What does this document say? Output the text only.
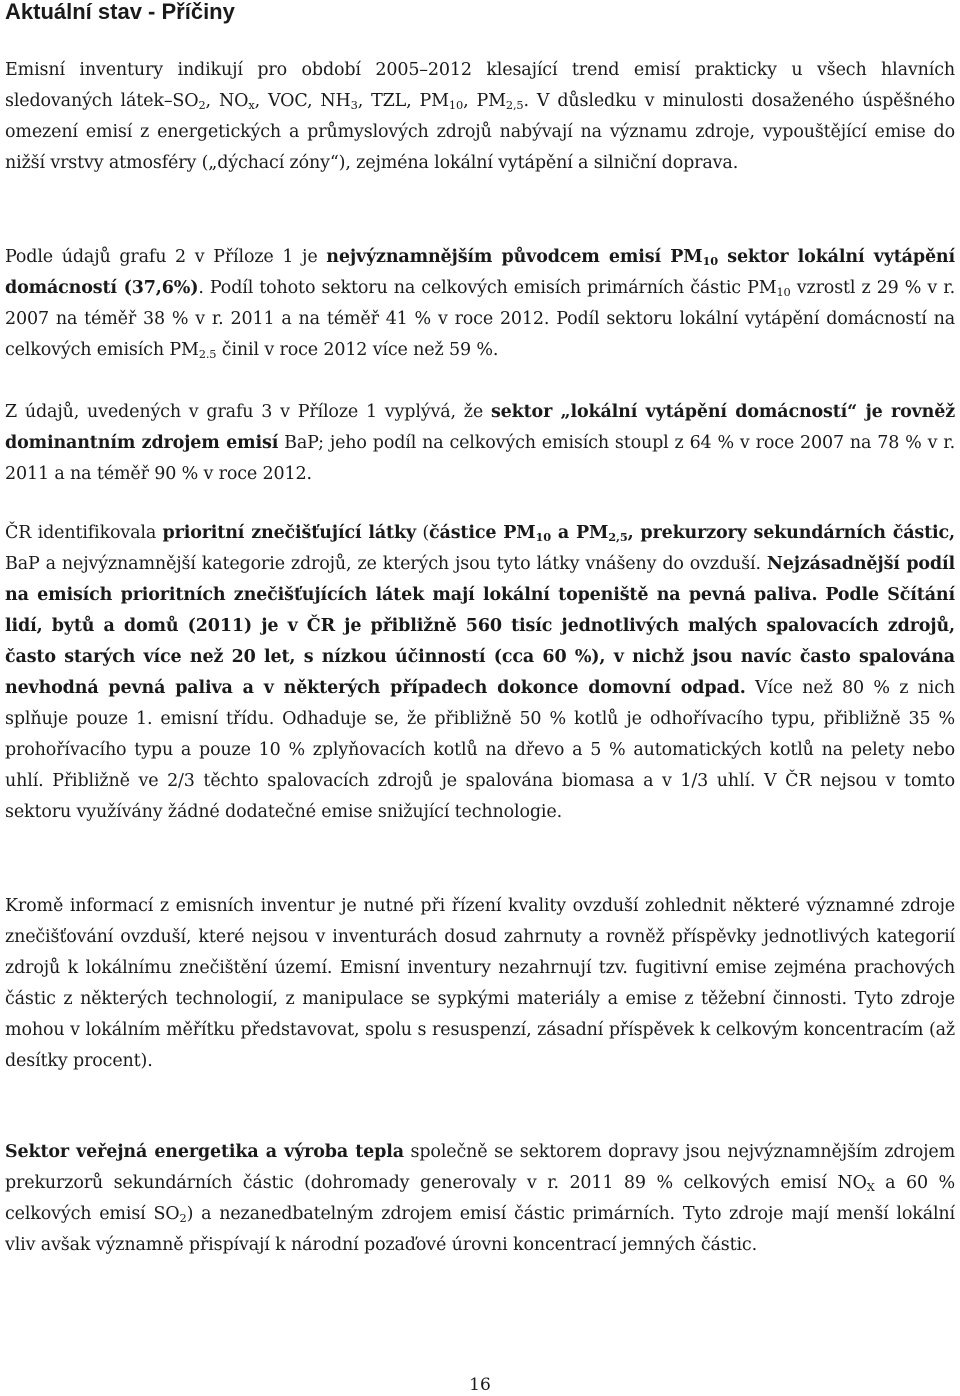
Aktuální stav - Příčiny
Emisní inventury indikují pro období 2005–2012 klesající trend emisí prakticky u všech hlavních sledovaných látek–$SO_2$, $NO_x$, VOC, $NH_3$, TZL, $PM_{10}$, $PM_{2,5}$. V důsledku v minulosti dosaženého úspěšného omezení emisí z energetických a průmyslových zdrojů nabývají na významu zdroje, vypouštějící emise do nižší vrstvy atmosféry („dýchací zóny“), zejména lokální vytápění a silniční doprava.
Podle údajů grafu 2 v Příloze 1 je nejvýznamnějším původcem emisí $PM_{10}$ sektor lokální vytápění domácností (37,6%). Podíl tohoto sektoru na celkových emisích primárních částic $PM_{10}$ vzrostl z 29 % v r. 2007 na téměř 38 % v r. 2011 a na téměř 41 % v roce 2012. Podíl sektoru lokální vytápění domácností na celkových emisích $PM_{2.5}$ činil v roce 2012 více než 59 %.
Z údajů, uvedených v grafu 3 v Příloze 1 vyplývá, že sektor „lokální vytápění domácností“ je rovněž dominantním zdrojem emisí BaP; jeho podíl na celkových emisích stoupl z 64 % v roce 2007 na 78 % v r. 2011 a na téměř 90 % v roce 2012.
ČR identifikovala prioritní znečišťující látky (částice $PM_{10}$ a $PM_{2,5}$, prekurzory sekundárních částic, BaP a nejvýznamnější kategorie zdrojů, ze kterých jsou tyto látky vnášeny do ovzduší. Nejzásadnější podíl na emisích prioritních znečišťujících látek mají lokální topeniště na pevná paliva. Podle Sčítání lidí, bytů a domů (2011) je v ČR je přibližně 560 tisíc jednotlivých malých spalovacích zdrojů, často starých více než 20 let, s nízkou účinností (cca 60 %), v nichž jsou navíc často spalována nevhodná pevná paliva a v některých případech dokonce domovní odpad. Více než 80 % z nich splňuje pouze 1. emisní třídu. Odhaduje se, že přibližně 50 % kotlů je odhořívacího typu, přibližně 35 % prohořívacího typu a pouze 10 % zplyňovacích kotlů na dřevo a 5 % automatických kotlů na pelety nebo uhlí. Přibližně ve 2/3 těchto spalovacích zdrojů je spalována biomasa a v 1/3 uhlí. V ČR nejsou v tomto sektoru využívány žádné dodatečné emise snižující technologie.
Kromě informací z emisních inventur je nutné při řízení kvality ovzduší zohlednit některé významné zdroje znečišťování ovzduší, které nejsou v inventurách dosud zahrnuty a rovněž příspěvky jednotlivých kategorií zdrojů k lokálnímu znečištění území. Emisní inventury nezahrnují tzv. fugitivní emise zejména prachových částic z některých technologií, z manipulace se sypkými materiály a emise z těžební činnosti. Tyto zdroje mohou v lokálním měřítku představovat, spolu s resuspenzí, zásadní příspěvek k celkovým koncentracím (až desítky procent).
Sektor veřejná energetika a výroba tepla společně se sektorem dopravy jsou nejvýznamnějším zdrojem prekurzorů sekundárních částic (dohromady generovaly v r. 2011 89 % celkových emisí $NO_X$ a 60 % celkových emisí $SO_2$) a nezanedbatelným zdrojem emisí částic primárních. Tyto zdroje mají menší lokální vliv avšak významně přispívají k národní pozaďové úrovni koncentrací jemných částic.
16
